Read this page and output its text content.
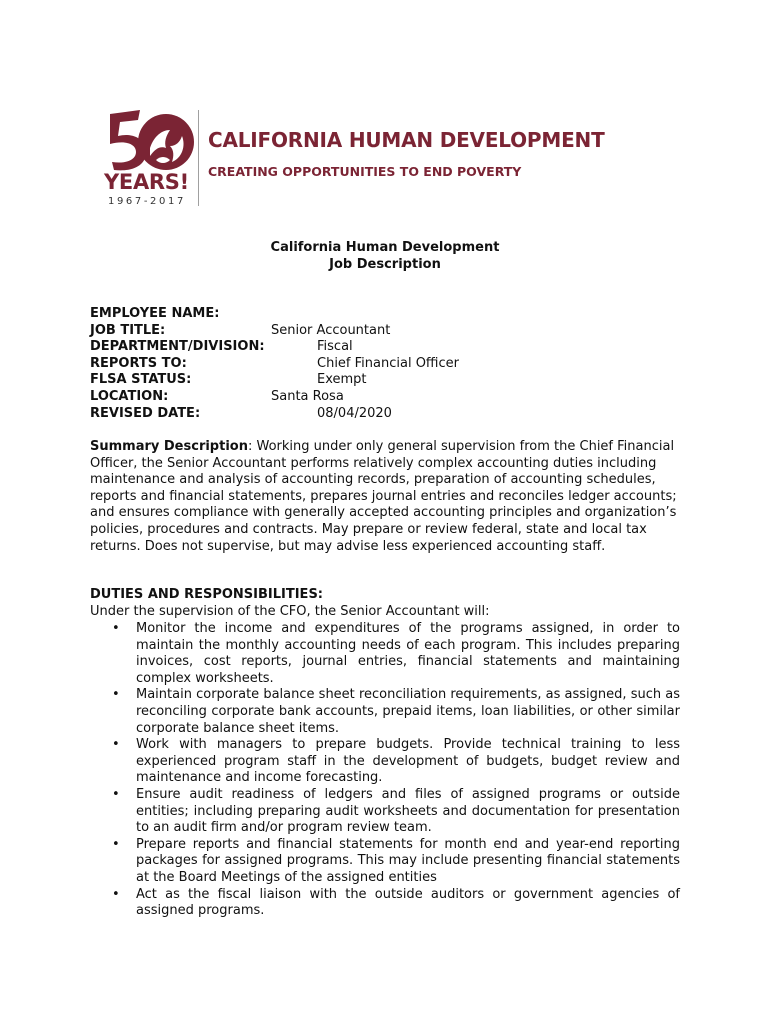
YEARS!
1967-2017
CALIFORNIA HUMAN DEVELOPMENT
CREATING OPPORTUNITIES TO END POVERTY
California Human Development
Job Description
EMPLOYEE NAME:
JOB TITLE:	Senior Accountant
DEPARTMENT/DIVISION:	Fiscal
REPORTS TO:	Chief Financial Officer
FLSA STATUS:	Exempt
LOCATION:	Santa Rosa
REVISED DATE:	08/04/2020

Summary Description: Working under only general supervision from the Chief Financial Officer, the Senior Accountant performs relatively complex accounting duties including maintenance and analysis of accounting records, preparation of accounting schedules, reports and financial statements, prepares journal entries and reconciles ledger accounts; and ensures compliance with generally accepted accounting principles and organization’s policies, procedures and contracts. May prepare or review federal, state and local tax returns. Does not supervise, but may advise less experienced accounting staff.

DUTIES AND RESPONSIBILITIES:
Under the supervision of the CFO, the Senior Accountant will:
• Monitor the income and expenditures of the programs assigned, in order to maintain the monthly accounting needs of each program. This includes preparing invoices, cost reports, journal entries, financial statements and maintaining complex worksheets.
• Maintain corporate balance sheet reconciliation requirements, as assigned, such as reconciling corporate bank accounts, prepaid items, loan liabilities, or other similar corporate balance sheet items.
• Work with managers to prepare budgets. Provide technical training to less experienced program staff in the development of budgets, budget review and maintenance and income forecasting.
• Ensure audit readiness of ledgers and files of assigned programs or outside entities; including preparing audit worksheets and documentation for presentation to an audit firm and/or program review team.
• Prepare reports and financial statements for month end and year-end reporting packages for assigned programs. This may include presenting financial statements at the Board Meetings of the assigned entities
• Act as the fiscal liaison with the outside auditors or government agencies of assigned programs.
